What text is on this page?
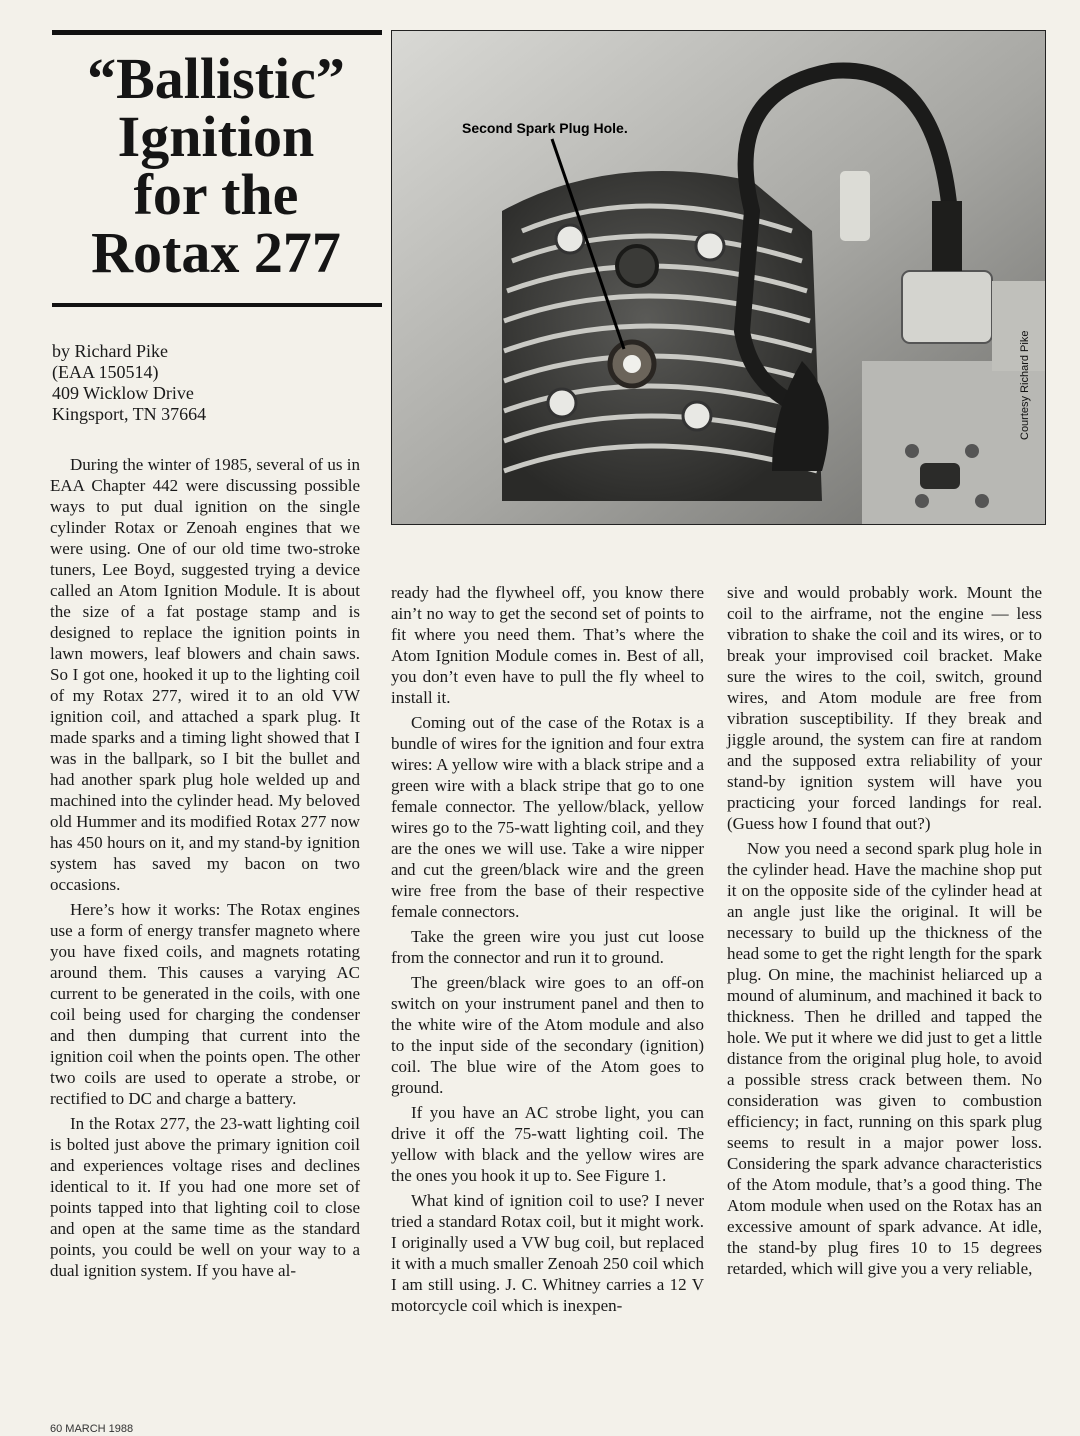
“Ballistic”
Ignition
for the
Rotax 277
by Richard Pike
(EAA 150514)
409 Wicklow Drive
Kingsport, TN 37664
Second Spark Plug Hole.
Courtesy Richard Pike

During the winter of 1985, several of us in EAA Chapter 442 were discussing possible ways to put dual ignition on the single cylinder Rotax or Zenoah engines that we were using. One of our old time two-stroke tuners, Lee Boyd, suggested trying a device called an Atom Ignition Module. It is about the size of a fat postage stamp and is designed to replace the ignition points in lawn mowers, leaf blowers and chain saws. So I got one, hooked it up to the lighting coil of my Rotax 277, wired it to an old VW ignition coil, and attached a spark plug. It made sparks and a timing light showed that I was in the ballpark, so I bit the bullet and had another spark plug hole welded up and machined into the cylinder head. My beloved old Hummer and its modified Rotax 277 now has 450 hours on it, and my stand-by ignition system has saved my bacon on two occasions.

Here’s how it works: The Rotax engines use a form of energy transfer magneto where you have fixed coils, and magnets rotating around them. This causes a varying AC current to be generated in the coils, with one coil being used for charging the condenser and then dumping that current into the ignition coil when the points open. The other two coils are used to operate a strobe, or rectified to DC and charge a battery.

In the Rotax 277, the 23-watt lighting coil is bolted just above the primary ignition coil and experiences voltage rises and declines identical to it. If you had one more set of points tapped into that lighting coil to close and open at the same time as the standard points, you could be well on your way to a dual ignition system. If you have al-

ready had the flywheel off, you know there ain’t no way to get the second set of points to fit where you need them. That’s where the Atom Ignition Module comes in. Best of all, you don’t even have to pull the fly wheel to install it.

Coming out of the case of the Rotax is a bundle of wires for the ignition and four extra wires: A yellow wire with a black stripe and a green wire with a black stripe that go to one female connector. The yellow/black, yellow wires go to the 75-watt lighting coil, and they are the ones we will use. Take a wire nipper and cut the green/black wire and the green wire free from the base of their respective female connectors.

Take the green wire you just cut loose from the connector and run it to ground.

The green/black wire goes to an off-on switch on your instrument panel and then to the white wire of the Atom module and also to the input side of the secondary (ignition) coil. The blue wire of the Atom goes to ground.

If you have an AC strobe light, you can drive it off the 75-watt lighting coil. The yellow with black and the yellow wires are the ones you hook it up to. See Figure 1.

What kind of ignition coil to use? I never tried a standard Rotax coil, but it might work. I originally used a VW bug coil, but replaced it with a much smaller Zenoah 250 coil which I am still using. J. C. Whitney carries a 12 V motorcycle coil which is inexpen-

sive and would probably work. Mount the coil to the airframe, not the engine — less vibration to shake the coil and its wires, or to break your improvised coil bracket. Make sure the wires to the coil, switch, ground wires, and Atom module are free from vibration susceptibility. If they break and jiggle around, the system can fire at random and the supposed extra reliability of your stand-by ignition system will have you practicing your forced landings for real. (Guess how I found that out?)

Now you need a second spark plug hole in the cylinder head. Have the machine shop put it on the opposite side of the cylinder head at an angle just like the original. It will be necessary to build up the thickness of the head some to get the right length for the spark plug. On mine, the machinist heliarced up a mound of aluminum, and machined it back to thickness. Then he drilled and tapped the hole. We put it where we did just to get a little distance from the original plug hole, to avoid a possible stress crack between them. No consideration was given to combustion efficiency; in fact, running on this spark plug seems to result in a major power loss. Considering the spark advance characteristics of the Atom module, that’s a good thing. The Atom module when used on the Rotax has an excessive amount of spark advance. At idle, the stand-by plug fires 10 to 15 degrees retarded, which will give you a very reliable,

60 MARCH 1988
